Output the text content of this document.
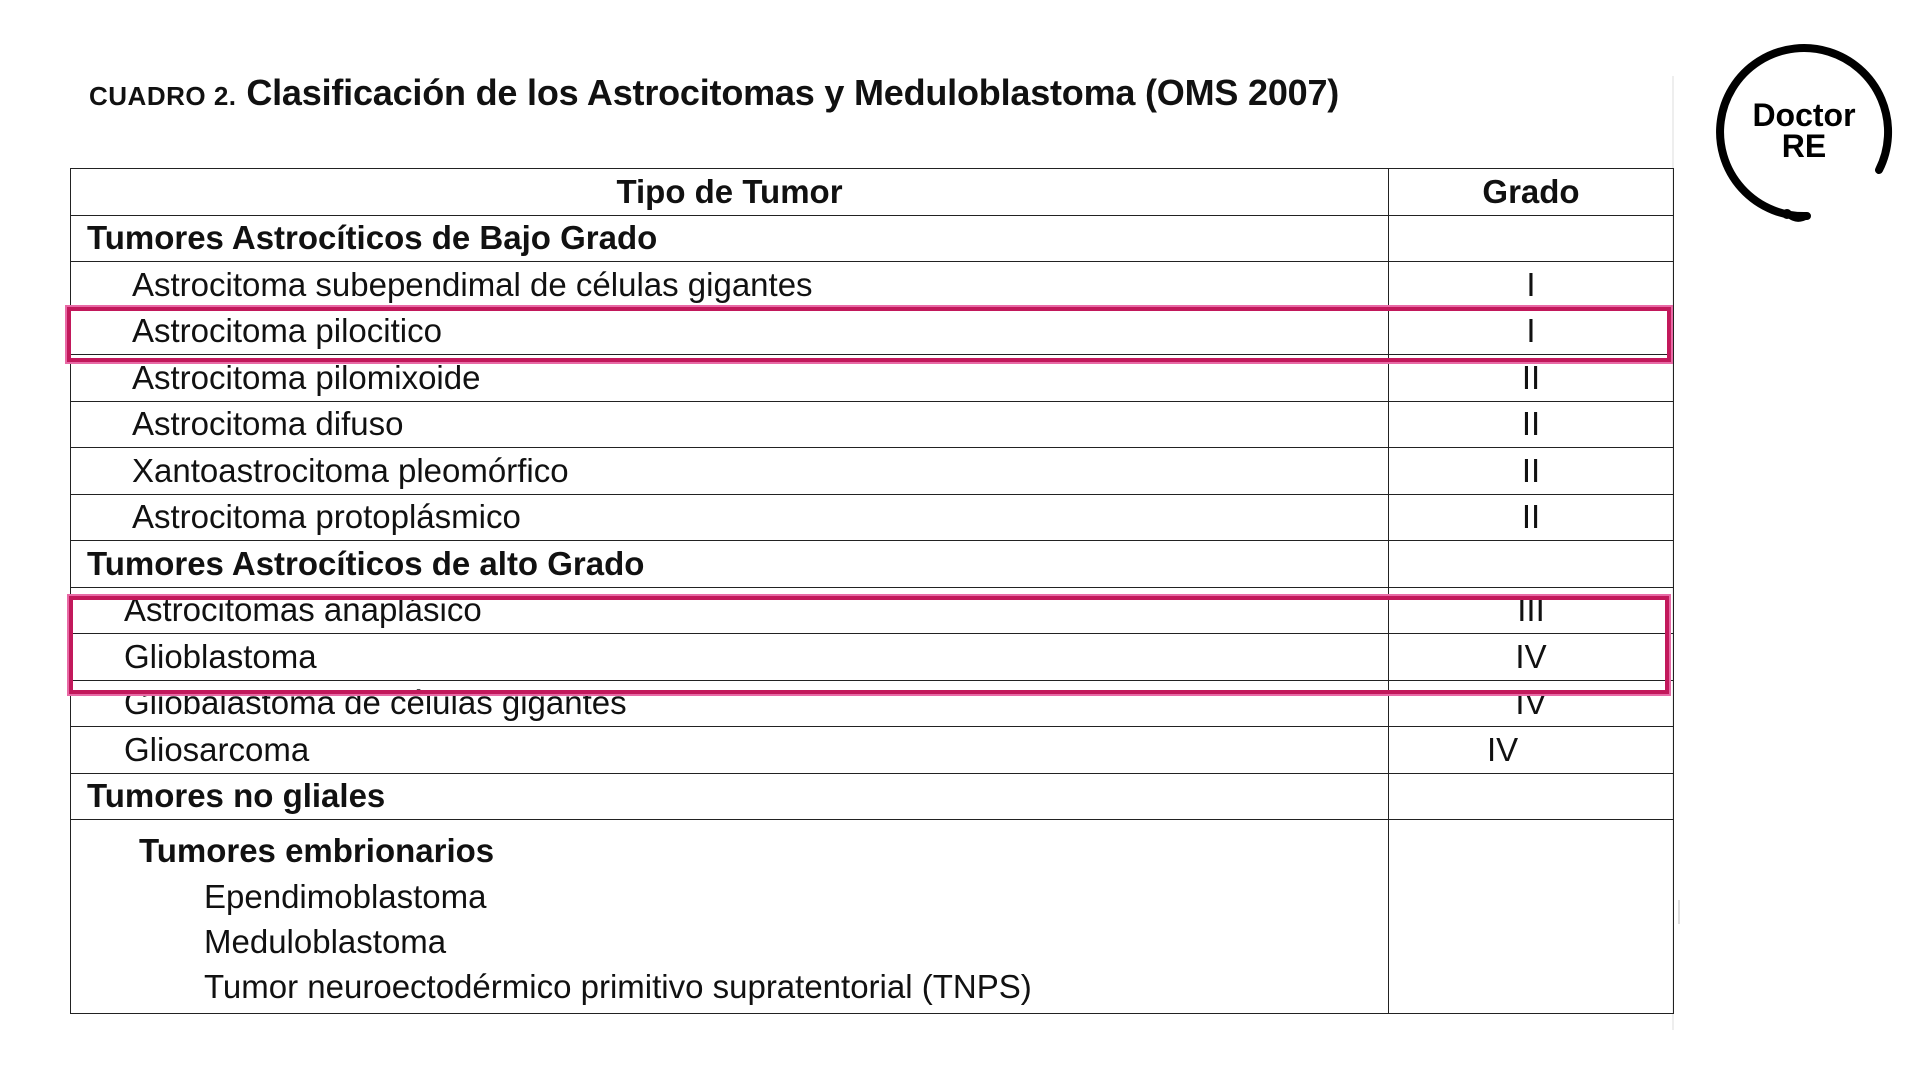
CUADRO 2. Clasificación de los Astrocitomas y Meduloblastoma (OMS 2007)
Tipo de Tumor	Grado
Tumores Astrocíticos de Bajo Grado	
Astrocitoma subependimal de células gigantes	I
Astrocitoma pilocitico	I
Astrocitoma pilomixoide	II
Astrocitoma difuso	II
Xantoastrocitoma pleomórfico	II
Astrocitoma protoplásmico	II
Tumores Astrocíticos de alto Grado	
Astrocitomas anaplásico	III
Glioblastoma	IV
Gliobalastoma de células gigantes	IV
Gliosarcoma	IV
Tumores no gliales	

Tumores embrionarios
Ependimoblastoma
Meduloblastoma
Tumor neuroectodérmico primitivo supratentorial (TNPS)	

Doctor
RE
